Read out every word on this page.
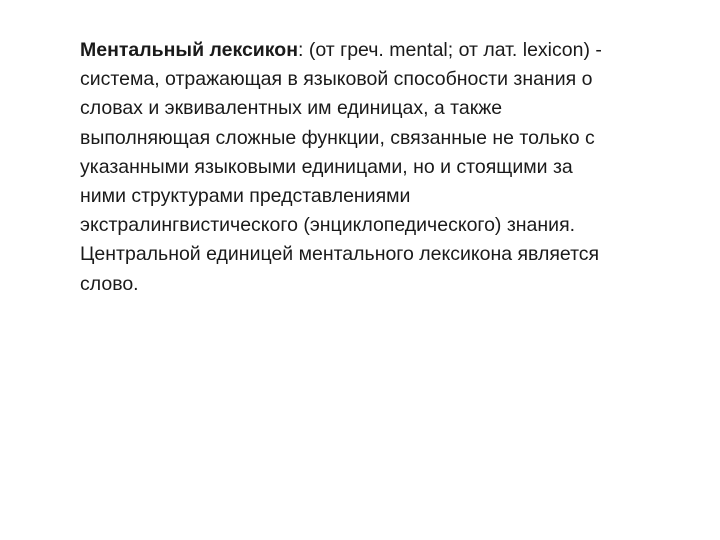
Ментальный лексикон: (от греч. mental; от лат. lexicon) -
система, отражающая в языковой способности знания о
словах и эквивалентных им единицах, а также
выполняющая сложные функции, связанные не только с
указанными языковыми единицами, но и стоящими за
ними структурами представлениями
экстралингвистического (энциклопедического) знания.
Центральной единицей ментального лексикона является
слово.
